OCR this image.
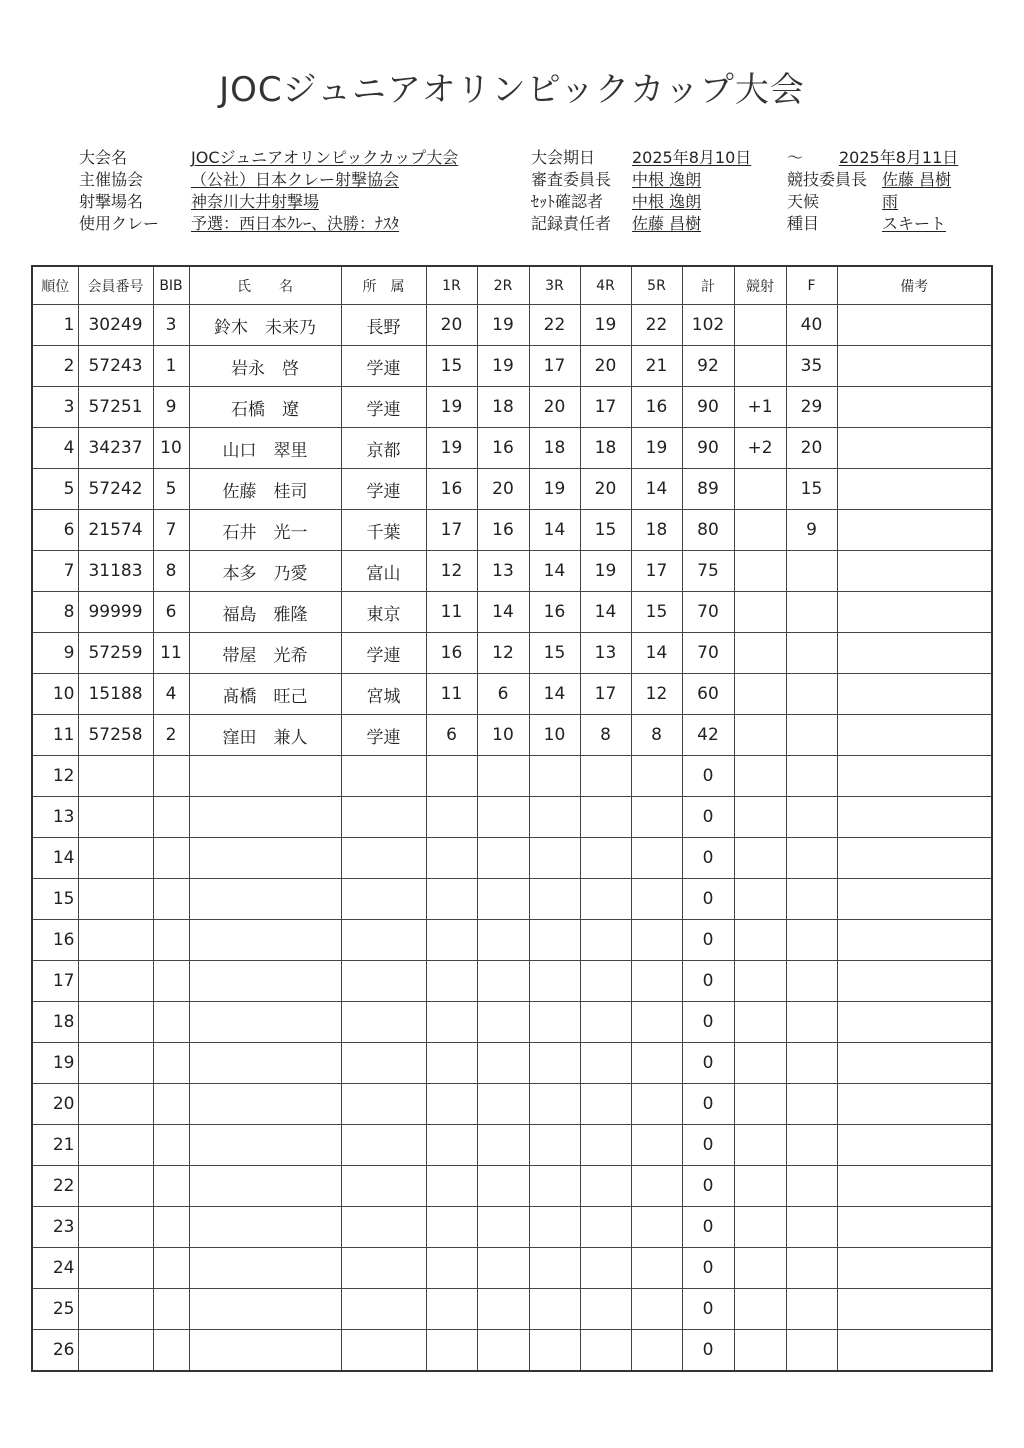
JOCジュニアオリンピックカップ大会
大会名	JOCジュニアオリンピックカップ大会
主催協会	（公社）日本クレー射撃協会
射撃場名	神奈川大井射撃場
使用クレー 予選：西日本ｸﾚｰ、決勝：ﾅｽﾀ
大会期日 2025年8月10日
審査委員長 中根 逸朗
ｾｯﾄ確認者 中根 逸朗
記録責任者 佐藤 昌樹
～ 2025年8月11日
競技委員長 佐藤 昌樹
天候	雨
種目	スキート
順位	会員番号	BIB	氏　　名	所　属	1R	2R	3R	4R	5R	計	競射	F	備考
1	30249	3	鈴木　未来乃	長野	20	19	22	19	22	102		40	
2	57243	1	岩永　啓	学連	15	19	17	20	21	92		35	
3	57251	9	石橋　遼	学連	19	18	20	17	16	90	+1	29	
4	34237	10	山口　翠里	京都	19	16	18	18	19	90	+2	20	
5	57242	5	佐藤　桂司	学連	16	20	19	20	14	89		15	
6	21574	7	石井　光一	千葉	17	16	14	15	18	80		9	
7	31183	8	本多　乃愛	富山	12	13	14	19	17	75			
8	99999	6	福島　雅隆	東京	11	14	16	14	15	70			
9	57259	11	帯屋　光希	学連	16	12	15	13	14	70			
10	15188	4	髙橋　旺己	宮城	11	6	14	17	12	60			
11	57258	2	窪田　兼人	学連	6	10	10	8	8	42			
12										0			
13										0			
14										0			
15										0			
16										0			
17										0			
18										0			
19										0			
20										0			
21										0			
22										0			
23										0			
24										0			
25										0			
26										0			
